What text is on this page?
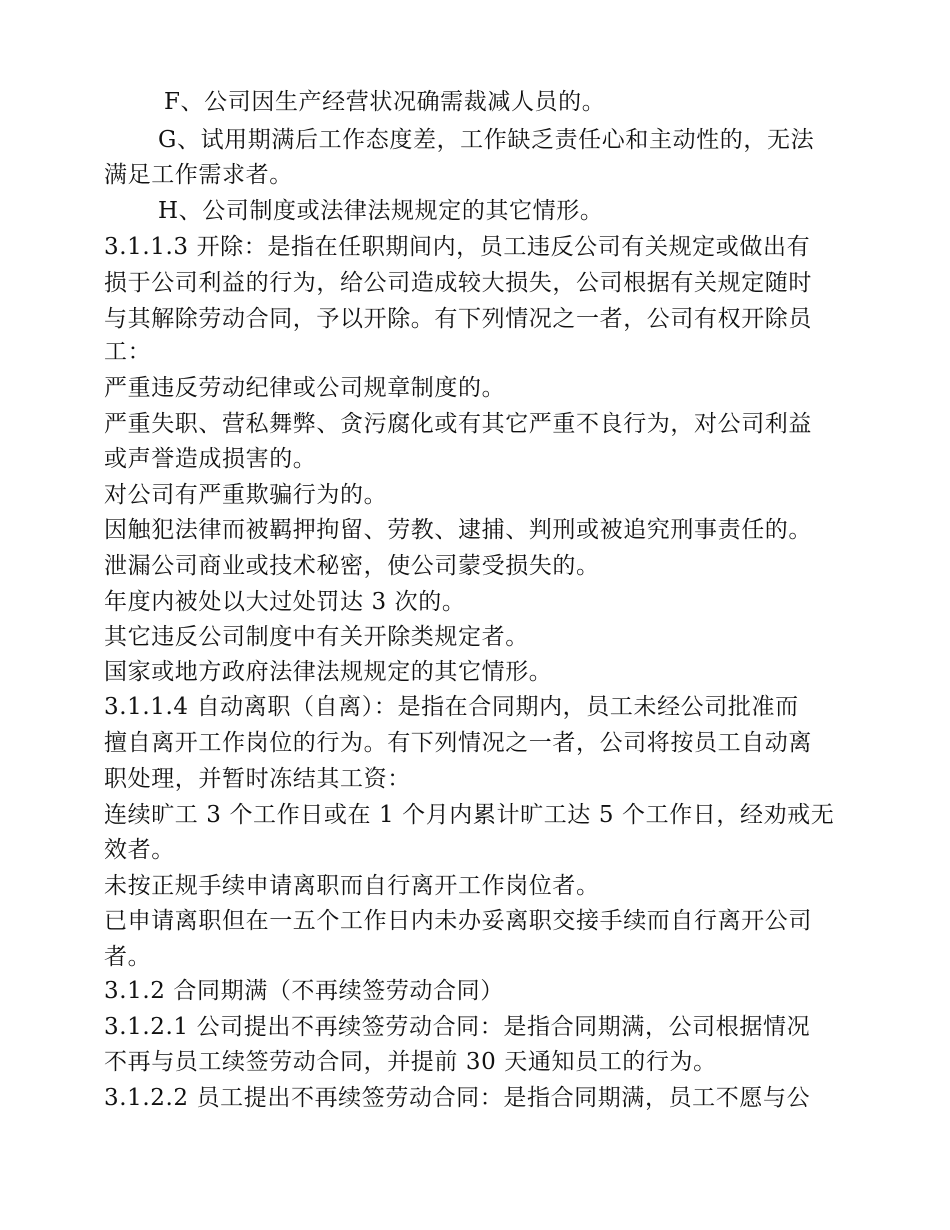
F、公司因生产经营状况确需裁减人员的。
G、试用期满后工作态度差，工作缺乏责任心和主动性的，无法
满足工作需求者。
H、公司制度或法律法规规定的其它情形。
3.1.1.3 开除：是指在任职期间内，员工违反公司有关规定或做出有
损于公司利益的行为，给公司造成较大损失，公司根据有关规定随时
与其解除劳动合同，予以开除。有下列情况之一者，公司有权开除员
工：
严重违反劳动纪律或公司规章制度的。
严重失职、营私舞弊、贪污腐化或有其它严重不良行为，对公司利益
或声誉造成损害的。
对公司有严重欺骗行为的。
因触犯法律而被羁押拘留、劳教、逮捕、判刑或被追究刑事责任的。
泄漏公司商业或技术秘密，使公司蒙受损失的。
年度内被处以大过处罚达 3 次的。
其它违反公司制度中有关开除类规定者。
国家或地方政府法律法规规定的其它情形。
3.1.1.4 自动离职（自离）：是指在合同期内，员工未经公司批准而
擅自离开工作岗位的行为。有下列情况之一者，公司将按员工自动离
职处理，并暂时冻结其工资：
连续旷工 3 个工作日或在 1 个月内累计旷工达 5 个工作日，经劝戒无
效者。
未按正规手续申请离职而自行离开工作岗位者。
已申请离职但在一五个工作日内未办妥离职交接手续而自行离开公司
者。
3.1.2 合同期满（不再续签劳动合同）
3.1.2.1 公司提出不再续签劳动合同：是指合同期满，公司根据情况
不再与员工续签劳动合同，并提前 30 天通知员工的行为。
3.1.2.2 员工提出不再续签劳动合同：是指合同期满，员工不愿与公
